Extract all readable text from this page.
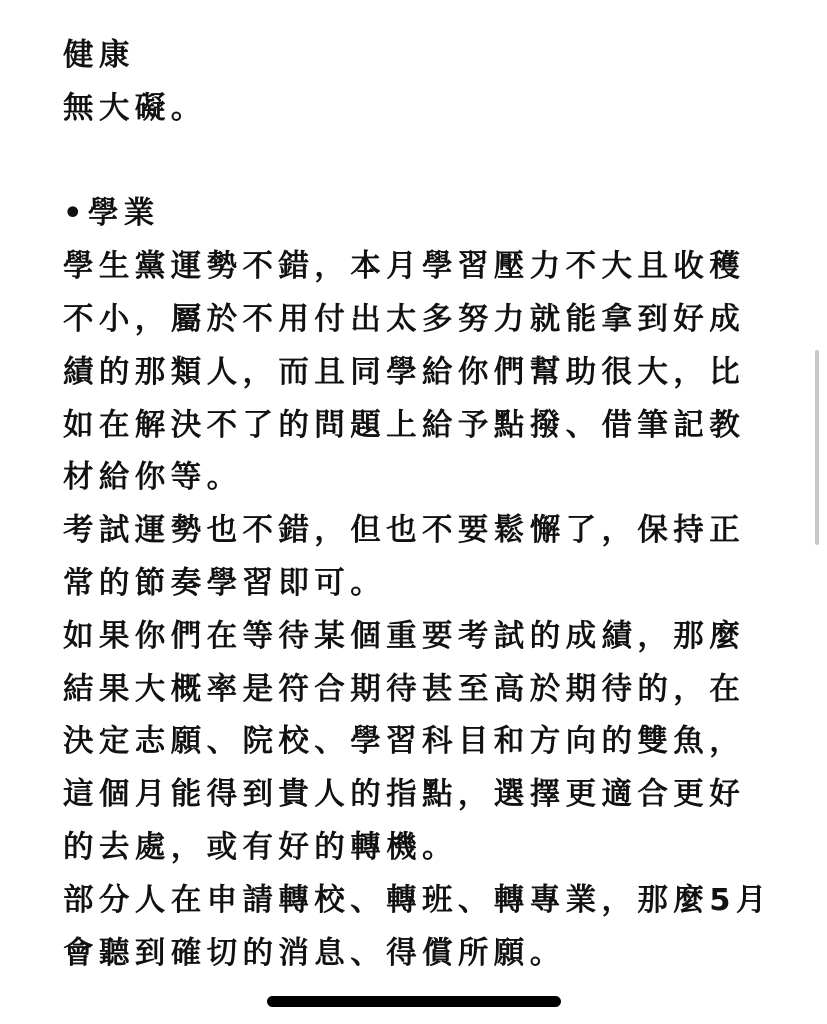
健康
無大礙。
•學業
學生黨運勢不錯，本月學習壓力不大且收穫
不小，屬於不用付出太多努力就能拿到好成
績的那類人，而且同學給你們幫助很大，比
如在解決不了的問題上給予點撥、借筆記教
材給你等。
考試運勢也不錯，但也不要鬆懈了，保持正
常的節奏學習即可。
如果你們在等待某個重要考試的成績，那麼
結果大概率是符合期待甚至高於期待的，在
決定志願、院校、學習科目和方向的雙魚，
這個月能得到貴人的指點，選擇更適合更好
的去處，或有好的轉機。
部分人在申請轉校、轉班、轉專業，那麼5月
會聽到確切的消息、得償所願。
